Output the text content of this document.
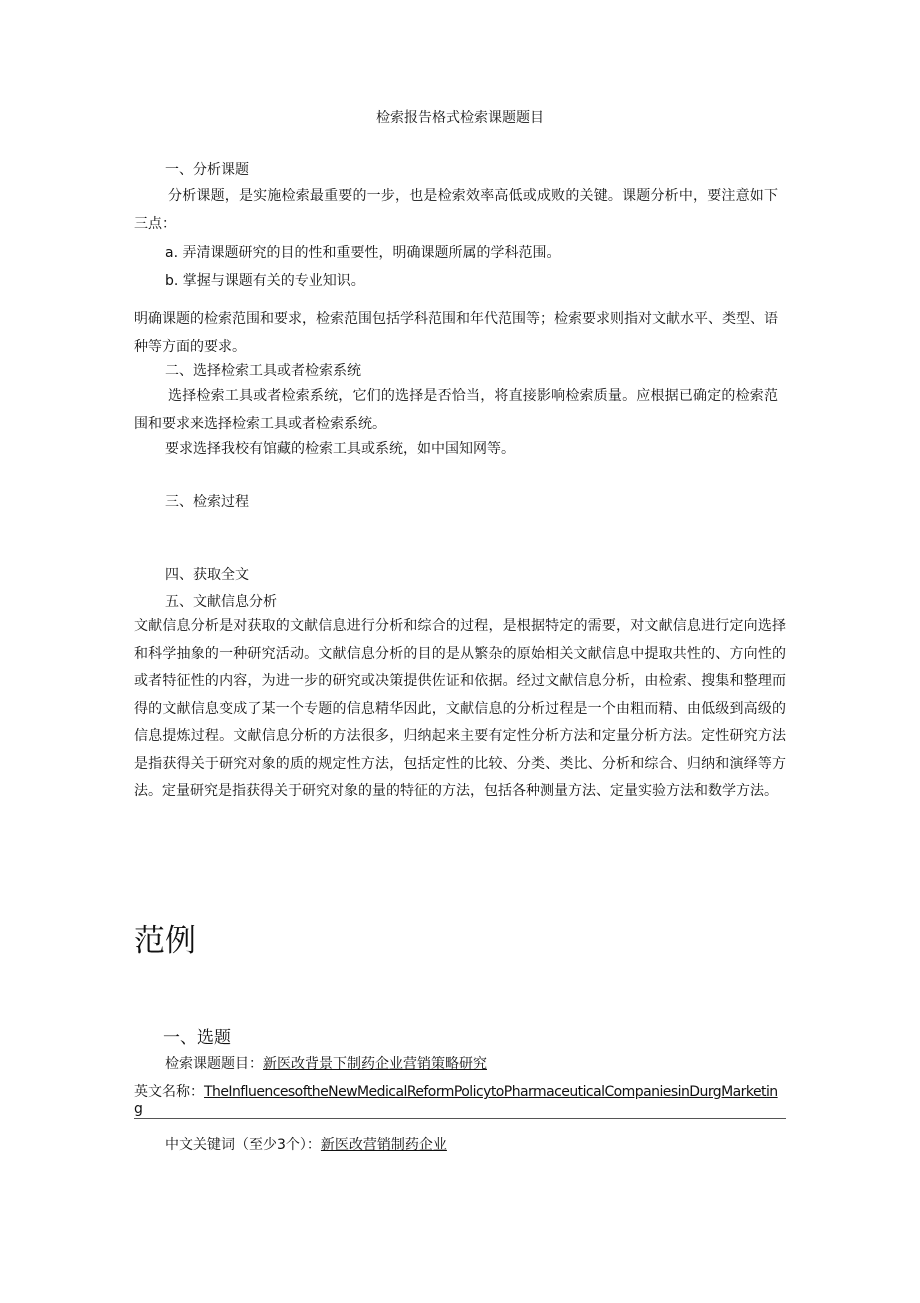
检索报告格式检索课题题目

一、分析课题

分析课题，是实施检索最重要的一步，也是检索效率高低或成败的关键。课题分析中，要注意如下三点：

a. 弄清课题研究的目的性和重要性，明确课题所属的学科范围。

b. 掌握与课题有关的专业知识。

明确课题的检索范围和要求，检索范围包括学科范围和年代范围等；检索要求则指对文献水平、类型、语种等方面的要求。

二、选择检索工具或者检索系统

选择检索工具或者检索系统，它们的选择是否恰当，将直接影响检索质量。应根据已确定的检索范围和要求来选择检索工具或者检索系统。

要求选择我校有馆藏的检索工具或系统，如中国知网等。

三、检索过程

四、获取全文

五、文献信息分析

文献信息分析是对获取的文献信息进行分析和综合的过程，是根据特定的需要，对文献信息进行定向选择和科学抽象的一种研究活动。文献信息分析的目的是从繁杂的原始相关文献信息中提取共性的、方向性的或者特征性的内容，为进一步的研究或决策提供佐证和依据。经过文献信息分析，由检索、搜集和整理而得的文献信息变成了某一个专题的信息精华因此，文献信息的分析过程是一个由粗而精、由低级到高级的信息提炼过程。文献信息分析的方法很多，归纳起来主要有定性分析方法和定量分析方法。定性研究方法是指获得关于研究对象的质的规定性方法，包括定性的比较、分类、类比、分析和综合、归纳和演绎等方法。定量研究是指获得关于研究对象的量的特征的方法，包括各种测量方法、定量实验方法和数学方法。

范例
一、选题

检索课题题目：新医改背景下制药企业营销策略研究

英文名称：TheInfluencesoftheNewMedicalReformPolicytoPharmaceuticalCompaniesinDurgMarketin

g

中文关键词（至少3个）：新医改营销制药企业
